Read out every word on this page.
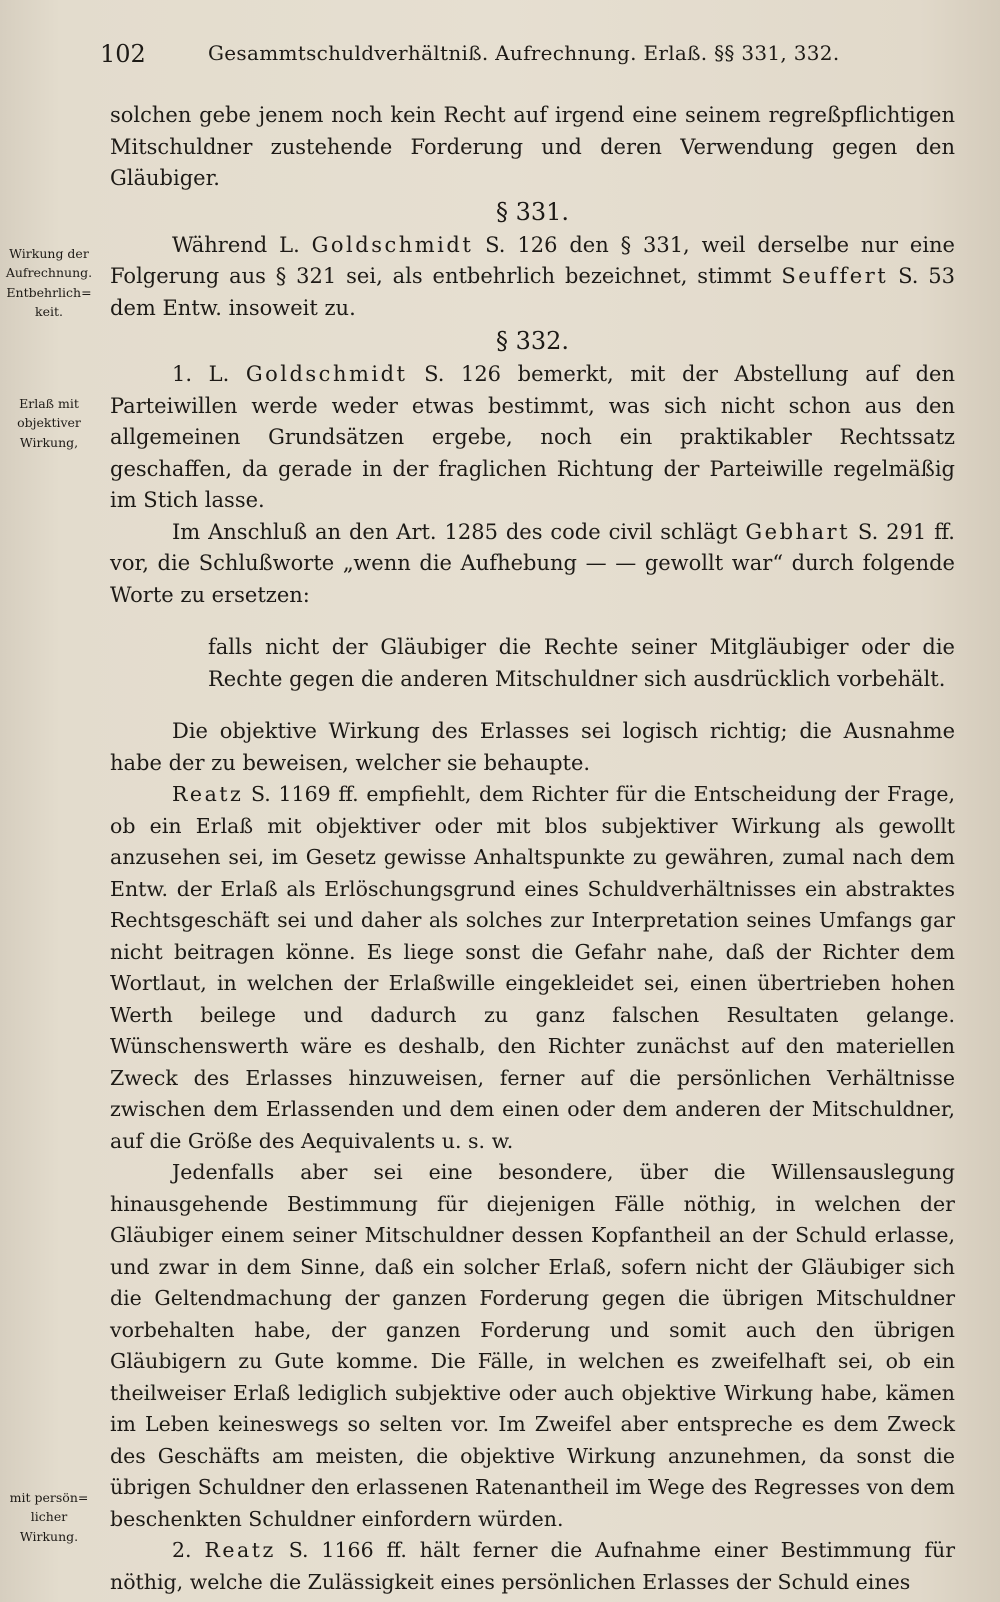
102	Gesammtschuldverhältniß. Aufrechnung. Erlaß. §§ 331, 332.
Wirkung der
Aufrechnung.
Entbehrlich=
keit.
Erlaß mit
objektiver
Wirkung,
mit persön=
licher
Wirkung.

solchen gebe jenem noch kein Recht auf irgend eine seinem regreßpflichtigen Mitschuldner zustehende Forderung und deren Verwendung gegen den Gläubiger.

§ 331.

Während L. Goldschmidt S. 126 den § 331, weil derselbe nur eine Folgerung aus § 321 sei, als entbehrlich bezeichnet, stimmt Seuffert S. 53 dem Entw. insoweit zu.

§ 332.

1. L. Goldschmidt S. 126 bemerkt, mit der Abstellung auf den Parteiwillen werde weder etwas bestimmt, was sich nicht schon aus den allgemeinen Grundsätzen ergebe, noch ein praktikabler Rechtssatz geschaffen, da gerade in der fraglichen Richtung der Parteiwille regelmäßig im Stich lasse.

Im Anschluß an den Art. 1285 des code civil schlägt Gebhart S. 291 ff. vor, die Schlußworte „wenn die Aufhebung — — gewollt war“ durch folgende Worte zu ersetzen:

falls nicht der Gläubiger die Rechte seiner Mitgläubiger oder die Rechte gegen die anderen Mitschuldner sich ausdrücklich vorbehält.

Die objektive Wirkung des Erlasses sei logisch richtig; die Ausnahme habe der zu beweisen, welcher sie behaupte.

Reatz S. 1169 ff. empfiehlt, dem Richter für die Entscheidung der Frage, ob ein Erlaß mit objektiver oder mit blos subjektiver Wirkung als gewollt anzusehen sei, im Gesetz gewisse Anhaltspunkte zu gewähren, zumal nach dem Entw. der Erlaß als Erlöschungsgrund eines Schuldverhältnisses ein abstraktes Rechtsgeschäft sei und daher als solches zur Interpretation seines Umfangs gar nicht beitragen könne. Es liege sonst die Gefahr nahe, daß der Richter dem Wortlaut, in welchen der Erlaßwille eingekleidet sei, einen übertrieben hohen Werth beilege und dadurch zu ganz falschen Resultaten gelange. Wünschenswerth wäre es deshalb, den Richter zunächst auf den materiellen Zweck des Erlasses hinzuweisen, ferner auf die persönlichen Verhältnisse zwischen dem Erlassenden und dem einen oder dem anderen der Mitschuldner, auf die Größe des Aequivalents u. s. w.

Jedenfalls aber sei eine besondere, über die Willensauslegung hinausgehende Bestimmung für diejenigen Fälle nöthig, in welchen der Gläubiger einem seiner Mitschuldner dessen Kopfantheil an der Schuld erlasse, und zwar in dem Sinne, daß ein solcher Erlaß, sofern nicht der Gläubiger sich die Geltendmachung der ganzen Forderung gegen die übrigen Mitschuldner vorbehalten habe, der ganzen Forderung und somit auch den übrigen Gläubigern zu Gute komme. Die Fälle, in welchen es zweifelhaft sei, ob ein theilweiser Erlaß lediglich subjektive oder auch objektive Wirkung habe, kämen im Leben keineswegs so selten vor. Im Zweifel aber entspreche es dem Zweck des Geschäfts am meisten, die objektive Wirkung anzunehmen, da sonst die übrigen Schuldner den erlassenen Ratenantheil im Wege des Regresses von dem beschenkten Schuldner einfordern würden.

2. Reatz S. 1166 ff. hält ferner die Aufnahme einer Bestimmung für nöthig, welche die Zulässigkeit eines persönlichen Erlasses der Schuld eines
